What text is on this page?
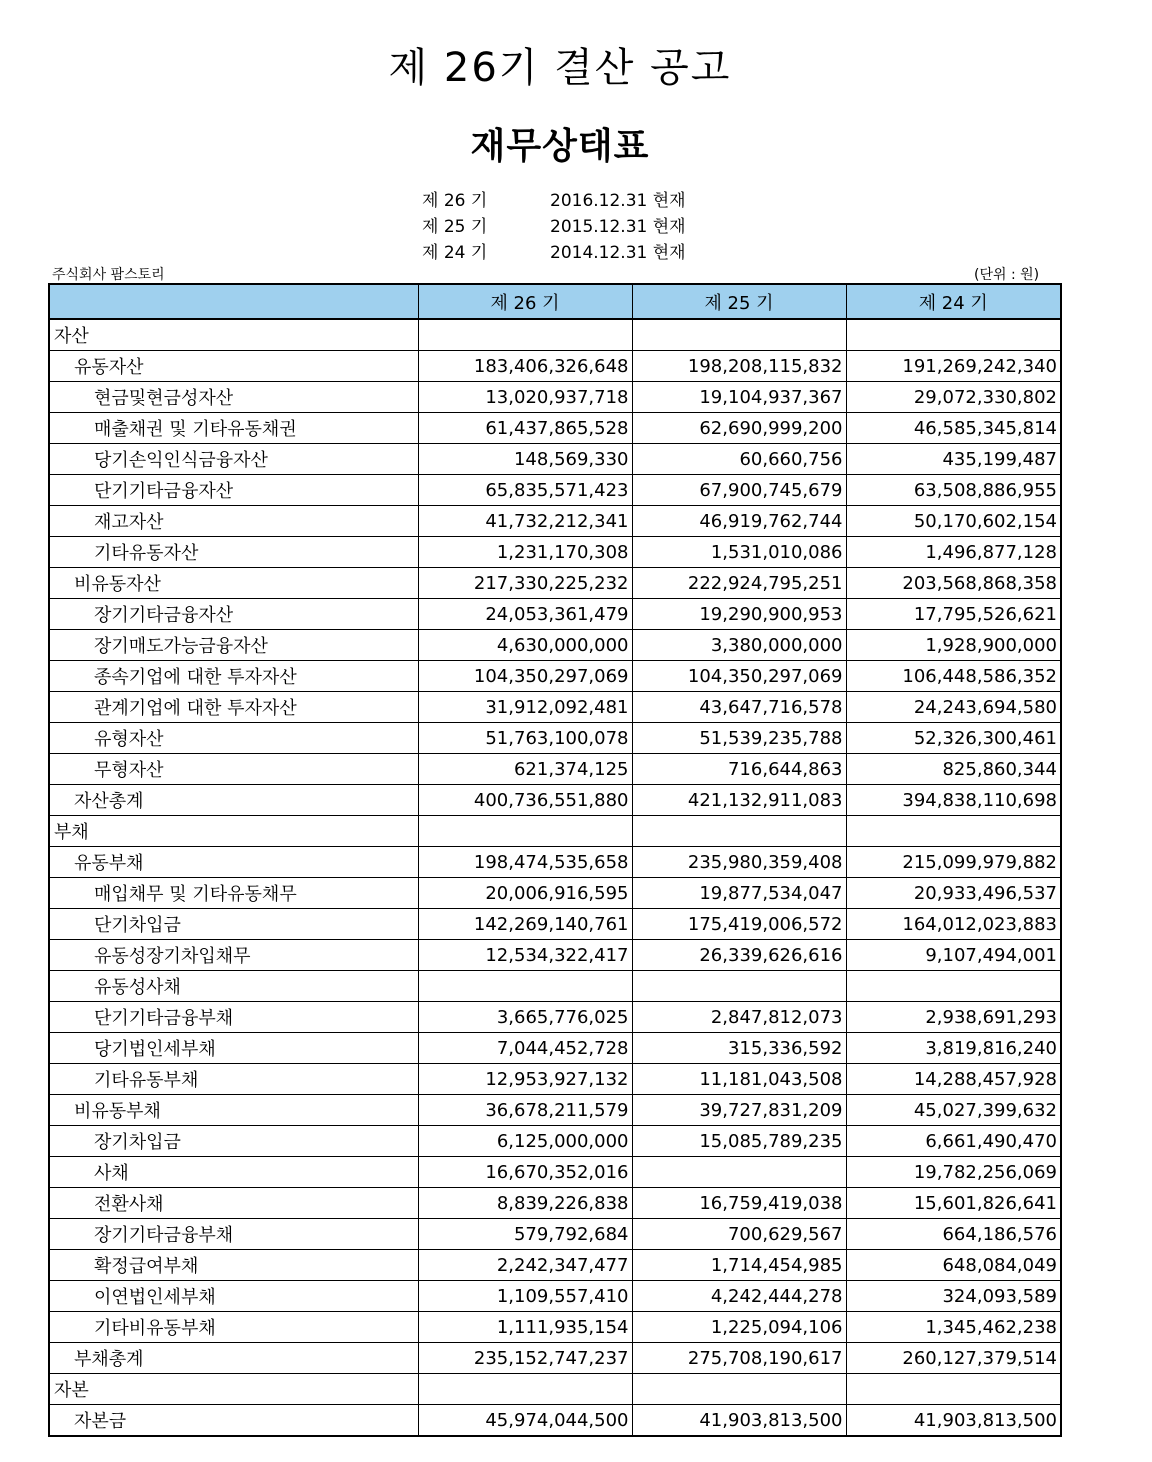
제 26기 결산 공고
재무상태표
제 26 기	2016.12.31 현재
제 25 기	2015.12.31 현재
제 24 기	2014.12.31 현재
주식회사 팜스토리	(단위 : 원)
	제 26 기	제 25 기	제 24 기
자산			
유동자산	183,406,326,648	198,208,115,832	191,269,242,340
현금및현금성자산	13,020,937,718	19,104,937,367	29,072,330,802
매출채권 및 기타유동채권	61,437,865,528	62,690,999,200	46,585,345,814
당기손익인식금융자산	148,569,330	60,660,756	435,199,487
단기기타금융자산	65,835,571,423	67,900,745,679	63,508,886,955
재고자산	41,732,212,341	46,919,762,744	50,170,602,154
기타유동자산	1,231,170,308	1,531,010,086	1,496,877,128
비유동자산	217,330,225,232	222,924,795,251	203,568,868,358
장기기타금융자산	24,053,361,479	19,290,900,953	17,795,526,621
장기매도가능금융자산	4,630,000,000	3,380,000,000	1,928,900,000
종속기업에 대한 투자자산	104,350,297,069	104,350,297,069	106,448,586,352
관계기업에 대한 투자자산	31,912,092,481	43,647,716,578	24,243,694,580
유형자산	51,763,100,078	51,539,235,788	52,326,300,461
무형자산	621,374,125	716,644,863	825,860,344
자산총계	400,736,551,880	421,132,911,083	394,838,110,698
부채			
유동부채	198,474,535,658	235,980,359,408	215,099,979,882
매입채무 및 기타유동채무	20,006,916,595	19,877,534,047	20,933,496,537
단기차입금	142,269,140,761	175,419,006,572	164,012,023,883
유동성장기차입채무	12,534,322,417	26,339,626,616	9,107,494,001
유동성사채			
단기기타금융부채	3,665,776,025	2,847,812,073	2,938,691,293
당기법인세부채	7,044,452,728	315,336,592	3,819,816,240
기타유동부채	12,953,927,132	11,181,043,508	14,288,457,928
비유동부채	36,678,211,579	39,727,831,209	45,027,399,632
장기차입금	6,125,000,000	15,085,789,235	6,661,490,470
사채	16,670,352,016		19,782,256,069
전환사채	8,839,226,838	16,759,419,038	15,601,826,641
장기기타금융부채	579,792,684	700,629,567	664,186,576
확정급여부채	2,242,347,477	1,714,454,985	648,084,049
이연법인세부채	1,109,557,410	4,242,444,278	324,093,589
기타비유동부채	1,111,935,154	1,225,094,106	1,345,462,238
부채총계	235,152,747,237	275,708,190,617	260,127,379,514
자본			
자본금	45,974,044,500	41,903,813,500	41,903,813,500
